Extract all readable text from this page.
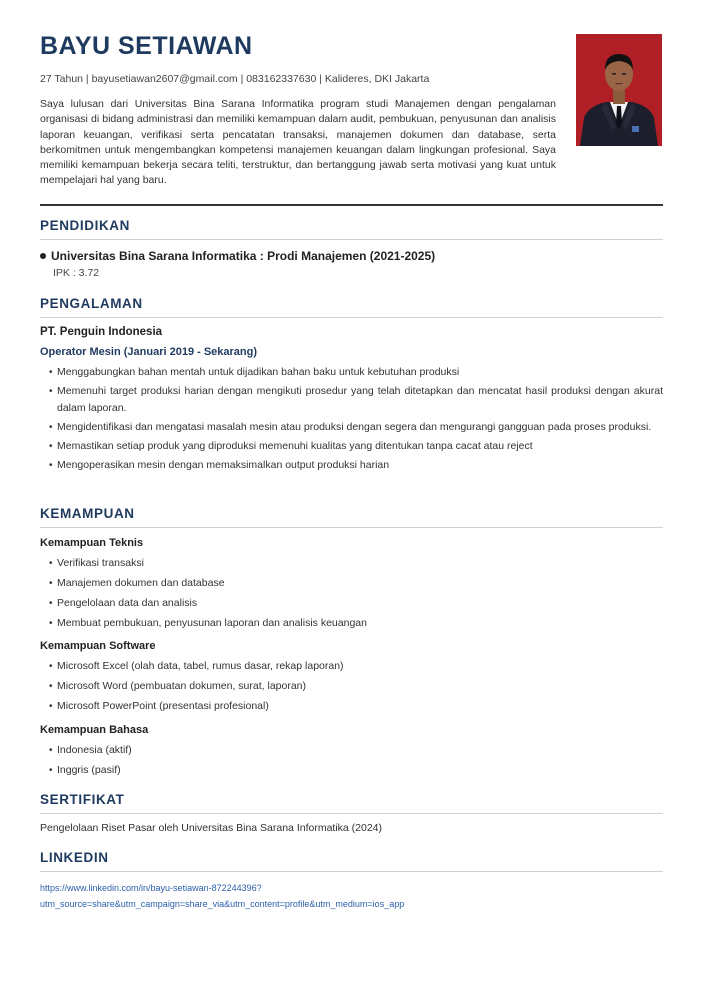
BAYU SETIAWAN
27 Tahun | bayusetiawan2607@gmail.com | 083162337630 | Kalideres, DKI Jakarta

Saya lulusan dari Universitas Bina Sarana Informatika program studi Manajemen dengan pengalaman organisasi di bidang administrasi dan memiliki kemampuan dalam audit, pembukuan, penyusunan dan analisis laporan keuangan, verifikasi serta pencatatan transaksi, manajemen dokumen dan database, serta berkomitmen untuk mengembangkan kompetensi manajemen keuangan dalam lingkungan profesional. Saya memiliki kemampuan bekerja secara teliti, terstruktur, dan bertanggung jawab serta motivasi yang kuat untuk mempelajari hal yang baru.

PENDIDIKAN
Universitas Bina Sarana Informatika : Prodi Manajemen (2021-2025)
IPK : 3.72
PENGALAMAN
PT. Penguin Indonesia
Operator Mesin (Januari 2019 - Sekarang)
• Menggabungkan bahan mentah untuk dijadikan bahan baku untuk kebutuhan produksi
• Memenuhi target produksi harian dengan mengikuti prosedur yang telah ditetapkan dan mencatat hasil produksi dengan akurat dalam laporan.
• Mengidentifikasi dan mengatasi masalah mesin atau produksi dengan segera dan mengurangi gangguan pada proses produksi.
• Memastikan setiap produk yang diproduksi memenuhi kualitas yang ditentukan tanpa cacat atau reject
• Mengoperasikan mesin dengan memaksimalkan output produksi harian
KEMAMPUAN
Kemampuan Teknis
• Verifikasi transaksi
• Manajemen dokumen dan database
• Pengelolaan data dan analisis
• Membuat pembukuan, penyusunan laporan dan analisis keuangan
Kemampuan Software
• Microsoft Excel (olah data, tabel, rumus dasar, rekap laporan)
• Microsoft Word (pembuatan dokumen, surat, laporan)
• Microsoft PowerPoint (presentasi profesional)
Kemampuan Bahasa
• Indonesia (aktif)
• Inggris (pasif)
SERTIFIKAT
Pengelolaan Riset Pasar oleh Universitas Bina Sarana Informatika (2024)
LINKEDIN
https://www.linkedin.com/in/bayu-setiawan-872244396?
utm_source=share&utm_campaign=share_via&utm_content=profile&utm_medium=ios_app
